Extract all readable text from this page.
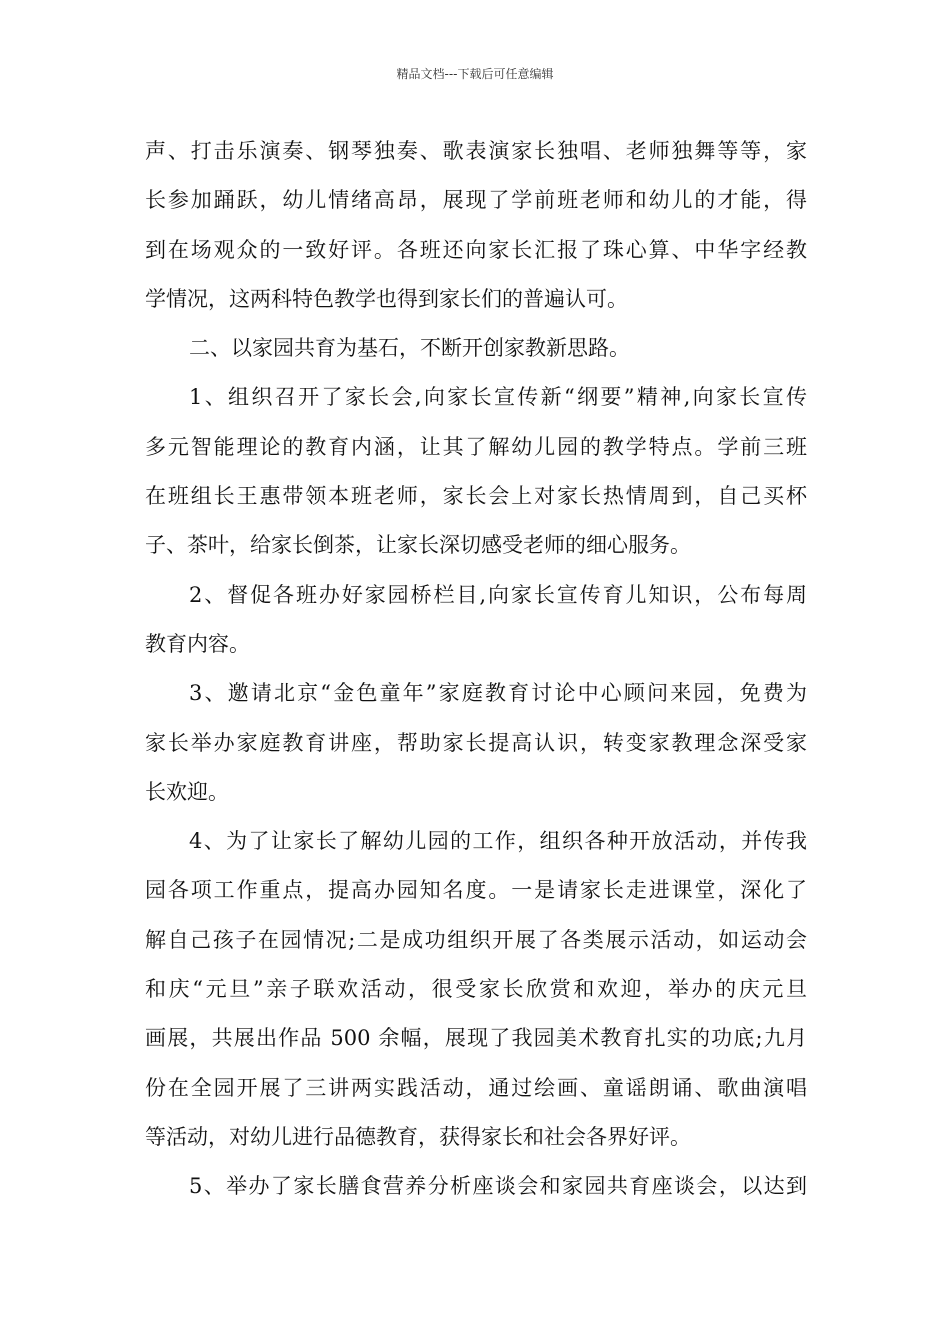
精品文档---下载后可任意编辑
声、打击乐演奏、钢琴独奏、歌表演家长独唱、老师独舞等等，家
长参加踊跃，幼儿情绪高昂，展现了学前班老师和幼儿的才能，得
到在场观众的一致好评。各班还向家长汇报了珠心算、中华字经教
学情况，这两科特色教学也得到家长们的普遍认可。
二、以家园共育为基石，不断开创家教新思路。
1、组织召开了家长会,向家长宣传新“纲要”精神,向家长宣传
多元智能理论的教育内涵，让其了解幼儿园的教学特点。学前三班
在班组长王惠带领本班老师，家长会上对家长热情周到，自己买杯
子、茶叶，给家长倒茶，让家长深切感受老师的细心服务。
2、督促各班办好家园桥栏目,向家长宣传育儿知识，公布每周
教育内容。
3、邀请北京“金色童年”家庭教育讨论中心顾问来园，免费为
家长举办家庭教育讲座，帮助家长提高认识，转变家教理念深受家
长欢迎。
4、为了让家长了解幼儿园的工作，组织各种开放活动，并传我
园各项工作重点，提高办园知名度。一是请家长走进课堂，深化了
解自己孩子在园情况;二是成功组织开展了各类展示活动，如运动会
和庆“元旦”亲子联欢活动，很受家长欣赏和欢迎，举办的庆元旦
画展，共展出作品 500 余幅，展现了我园美术教育扎实的功底;九月
份在全园开展了三讲两实践活动，通过绘画、童谣朗诵、歌曲演唱
等活动，对幼儿进行品德教育，获得家长和社会各界好评。
5、举办了家长膳食营养分析座谈会和家园共育座谈会，以达到
